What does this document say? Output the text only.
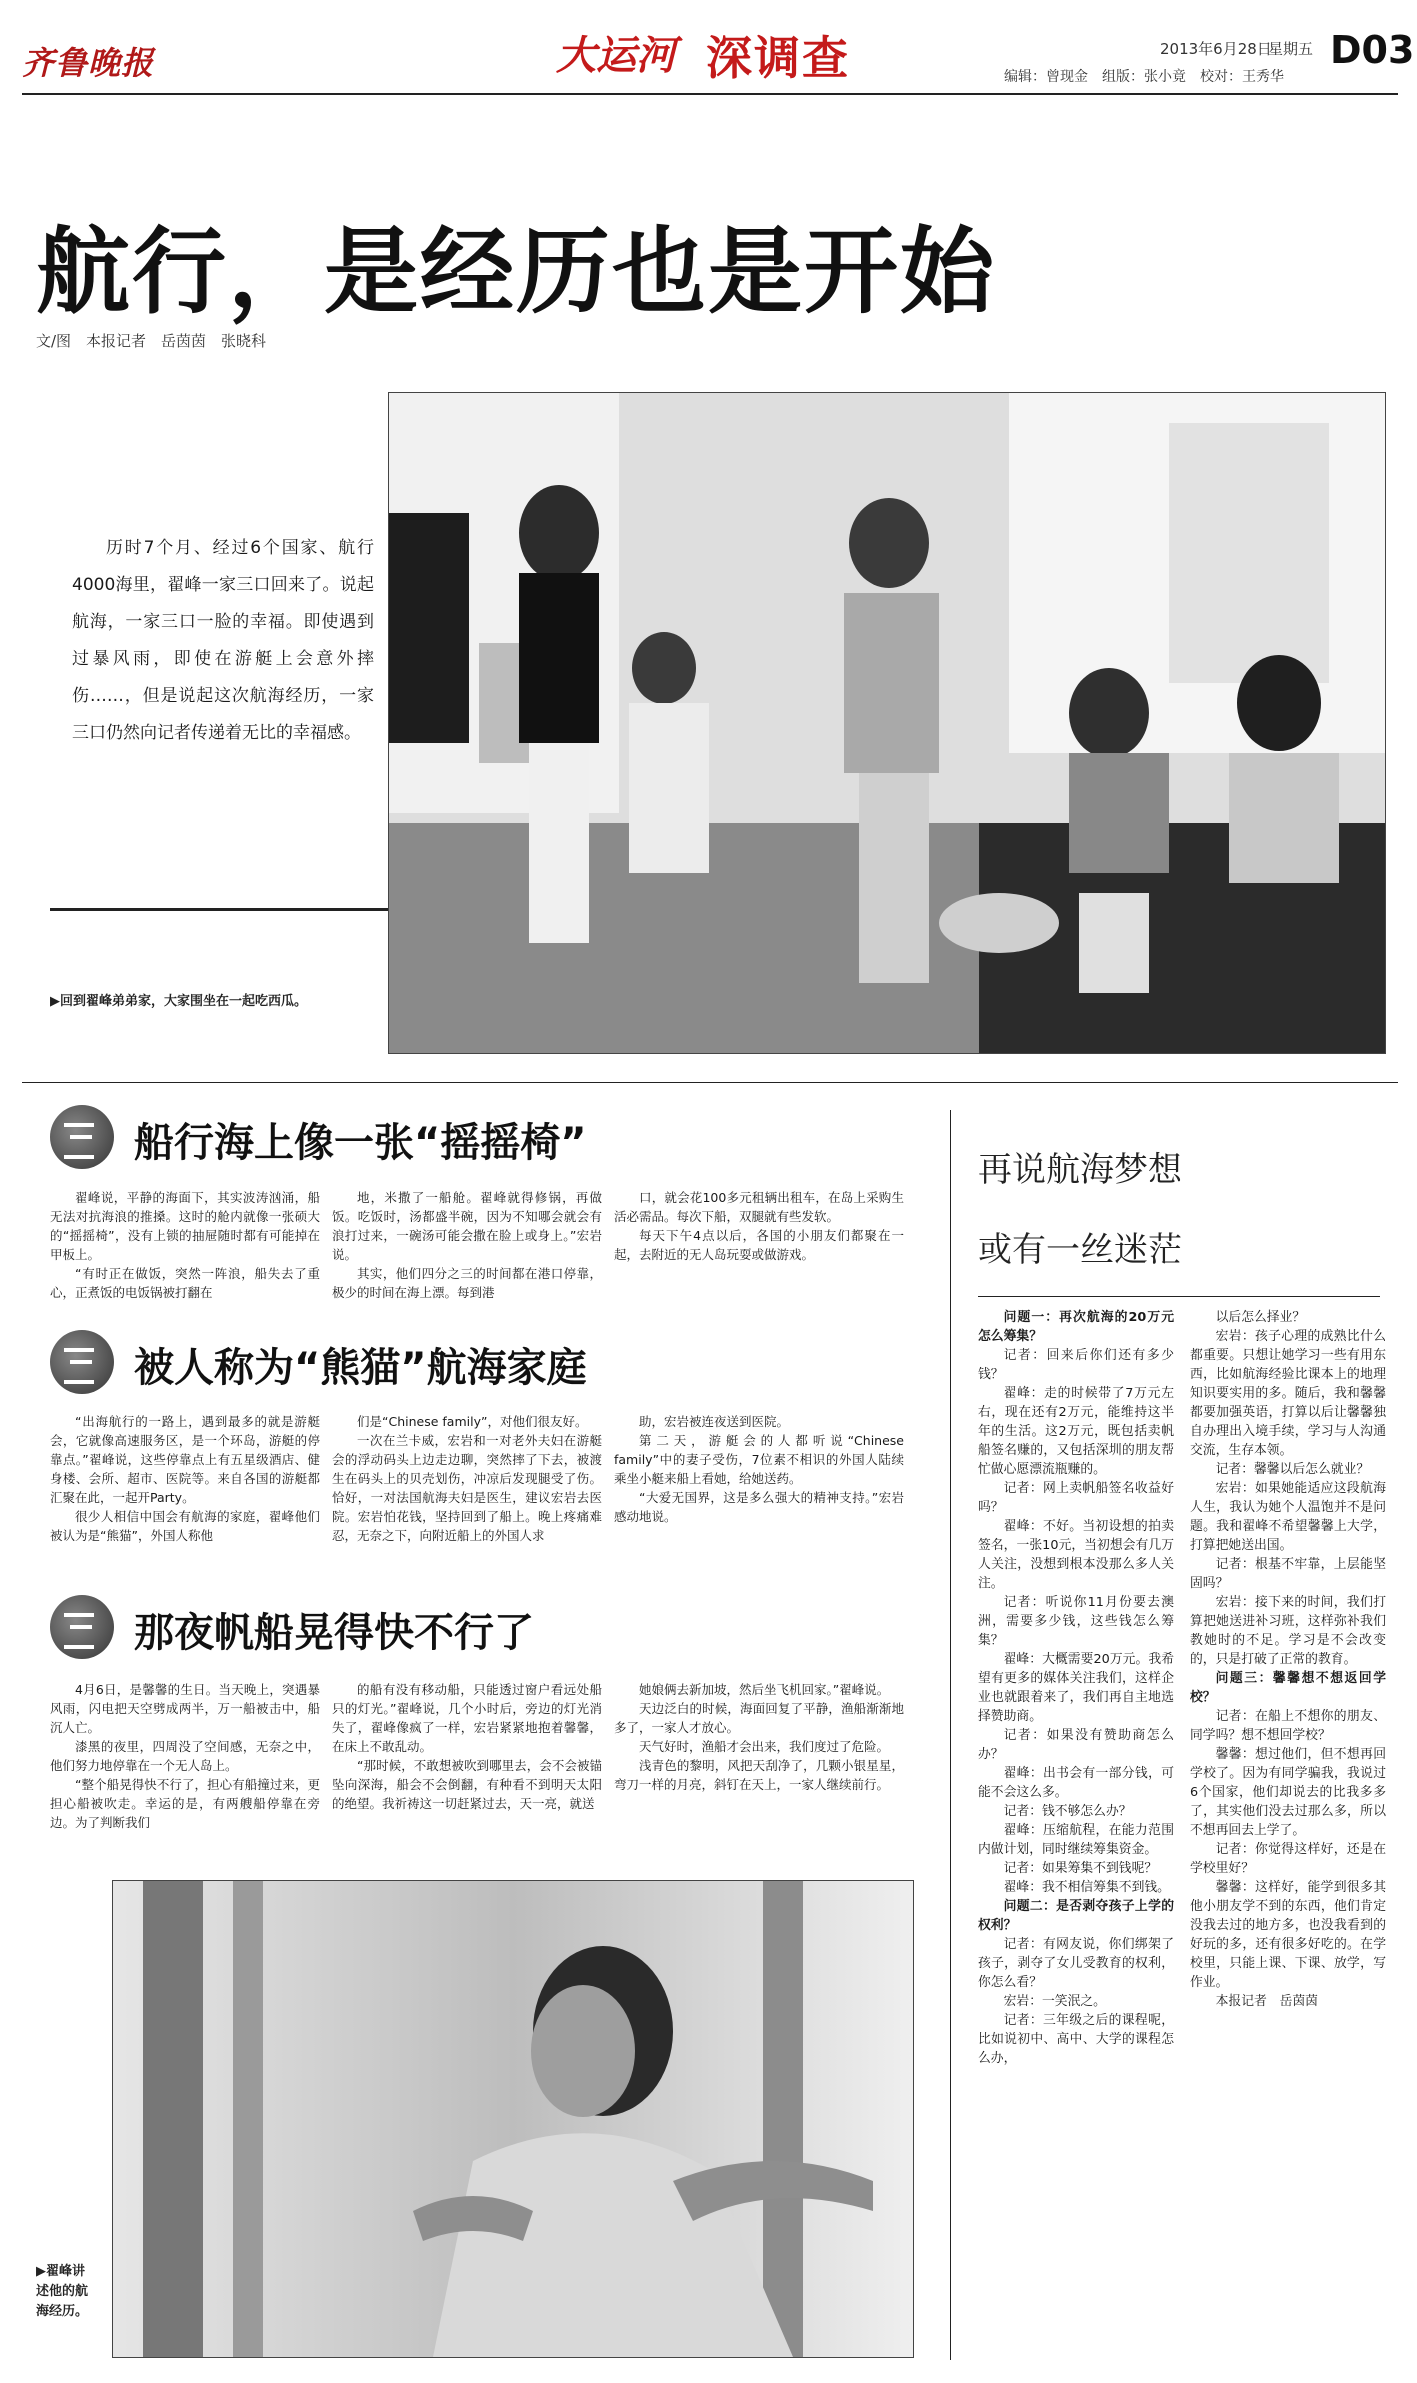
齐鲁晚报	大运河 深调查	2013年6月28日
星期五 D03
编辑：曾现金　组版：张小竟　校对：王秀华
航行，是经历也是开始
文/图　本报记者　岳茵茵　张晓科
历时7个月、经过6个国家、航行4000海里，翟峰一家三口回来了。说起航海，一家三口一脸的幸福。即使遇到过暴风雨，即使在游艇上会意外摔伤……，但是说起这次航海经历，一家三口仍然向记者传递着无比的幸福感。
▶回到翟峰弟弟家，大家围坐在一起吃西瓜。
船行海上像一张“摇摇椅”

翟峰说，平静的海面下，其实波涛汹涌，船无法对抗海浪的推搡。这时的舱内就像一张硕大的“摇摇椅”，没有上锁的抽屉随时都有可能掉在甲板上。

“有时正在做饭，突然一阵浪，船失去了重心，正煮饭的电饭锅被打翻在

地，米撒了一船舱。翟峰就得修锅，再做饭。吃饭时，汤都盛半碗，因为不知哪会就会有浪打过来，一碗汤可能会撒在脸上或身上。”宏岩说。

其实，他们四分之三的时间都在港口停靠，极少的时间在海上漂。每到港

口，就会花100多元租辆出租车，在岛上采购生活必需品。每次下船，双腿就有些发软。

每天下午4点以后，各国的小朋友们都聚在一起，去附近的无人岛玩耍或做游戏。

被人称为“熊猫”航海家庭

“出海航行的一路上，遇到最多的就是游艇会，它就像高速服务区，是一个环岛，游艇的停靠点。”翟峰说，这些停靠点上有五星级酒店、健身楼、会所、超市、医院等。来自各国的游艇都汇聚在此，一起开Party。

很少人相信中国会有航海的家庭，翟峰他们被认为是“熊猫”，外国人称他

们是“Chinese family”，对他们很友好。

一次在兰卡威，宏岩和一对老外夫妇在游艇会的浮动码头上边走边聊，突然摔了下去，被渡生在码头上的贝壳划伤，冲凉后发现腿受了伤。恰好，一对法国航海夫妇是医生，建议宏岩去医院。宏岩怕花钱，坚持回到了船上。晚上疼痛难忍，无奈之下，向附近船上的外国人求

助，宏岩被连夜送到医院。

第二天，游艇会的人都听说“Chinese family”中的妻子受伤，7位素不相识的外国人陆续乘坐小艇来船上看她，给她送药。

“大爱无国界，这是多么强大的精神支持。”宏岩感动地说。

那夜帆船晃得快不行了

4月6日，是馨馨的生日。当天晚上，突遇暴风雨，闪电把天空劈成两半，万一船被击中，船沉人亡。

漆黑的夜里，四周没了空间感，无奈之中，他们努力地停靠在一个无人岛上。

“整个船晃得快不行了，担心有船撞过来，更担心船被吹走。幸运的是，有两艘船停靠在旁边。为了判断我们

的船有没有移动船，只能透过窗户看远处船只的灯光。”翟峰说，几个小时后，旁边的灯光消失了，翟峰像疯了一样，宏岩紧紧地抱着馨馨，在床上不敢乱动。

“那时候，不敢想被吹到哪里去，会不会被锚坠向深海，船会不会倒翻，有种看不到明天太阳的绝望。我祈祷这一切赶紧过去，天一亮，就送

她娘俩去新加坡，然后坐飞机回家。”翟峰说。

天边泛白的时候，海面回复了平静，渔船渐渐地多了，一家人才放心。

天气好时，渔船才会出来，我们度过了危险。

浅青色的黎明，风把天刮净了，几颗小银星星，弯刀一样的月亮，斜钉在天上，一家人继续前行。

▶翟峰讲
述他的航
海经历。
再说航海梦想
或有一丝迷茫

问题一：再次航海的20万元怎么筹集？

记者：回来后你们还有多少钱？

翟峰：走的时候带了7万元左右，现在还有2万元，能维持这半年的生活。这2万元，既包括卖帆船签名赚的，又包括深圳的朋友帮忙做心愿漂流瓶赚的。

记者：网上卖帆船签名收益好吗？

翟峰：不好。当初设想的拍卖签名，一张10元，当初想会有几万人关注，没想到根本没那么多人关注。

记者：听说你11月份要去澳洲，需要多少钱，这些钱怎么筹集？

翟峰：大概需要20万元。我希望有更多的媒体关注我们，这样企业也就跟着来了，我们再自主地选择赞助商。

记者：如果没有赞助商怎么办？

翟峰：出书会有一部分钱，可能不会这么多。

记者：钱不够怎么办？

翟峰：压缩航程，在能力范围内做计划，同时继续筹集资金。

记者：如果筹集不到钱呢？

翟峰：我不相信筹集不到钱。

问题二：是否剥夺孩子上学的权利？

记者：有网友说，你们绑架了孩子，剥夺了女儿受教育的权利，你怎么看？

宏岩：一笑泯之。

记者：三年级之后的课程呢，比如说初中、高中、大学的课程怎么办，

以后怎么择业？

宏岩：孩子心理的成熟比什么都重要。只想让她学习一些有用东西，比如航海经验比课本上的地理知识要实用的多。随后，我和馨馨都要加强英语，打算以后让馨馨独自办理出入境手续，学习与人沟通交流，生存本领。

记者：馨馨以后怎么就业？

宏岩：如果她能适应这段航海人生，我认为她个人温饱并不是问题。我和翟峰不希望馨馨上大学，打算把她送出国。

记者：根基不牢靠，上层能坚固吗？

宏岩：接下来的时间，我们打算把她送进补习班，这样弥补我们教她时的不足。学习是不会改变的，只是打破了正常的教育。

问题三：馨馨想不想返回学校？

记者：在船上不想你的朋友、同学吗？想不想回学校？

馨馨：想过他们，但不想再回学校了。因为有同学骗我，我说过6个国家，他们却说去的比我多多了，其实他们没去过那么多，所以不想再回去上学了。

记者：你觉得这样好，还是在学校里好？

馨馨：这样好，能学到很多其他小朋友学不到的东西，他们肯定没我去过的地方多，也没我看到的好玩的多，还有很多好吃的。在学校里，只能上课、下课、放学，写作业。

本报记者　岳茵茵
